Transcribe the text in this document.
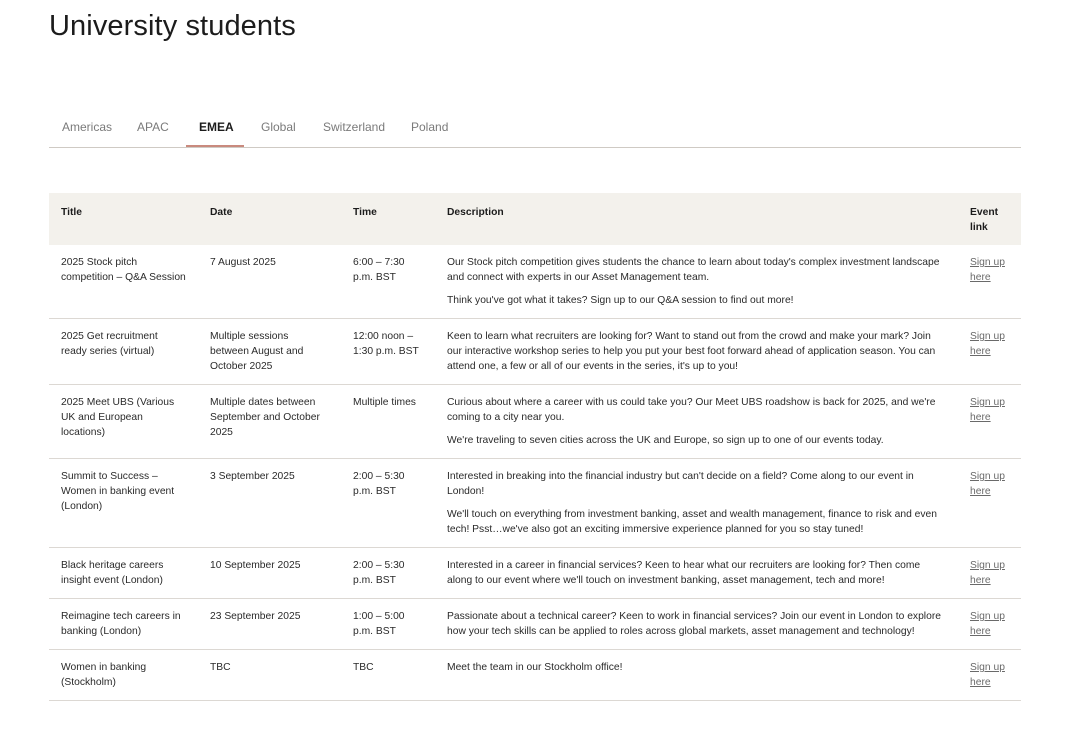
University students
Americas	APAC	EMEA	Global	Switzerland	Poland
Title	Date	Time	Description	Event
link
2025 Stock pitch competition – Q&A Session	7 August 2025	6:00 – 7:30 p.m. BST	Our Stock pitch competition gives students the chance to learn about today's complex investment landscape and connect with experts in our Asset Management team.

Think you've got what it takes? Sign up to our Q&A session to find out more!	Sign up here
2025 Get recruitment ready series (virtual)	Multiple sessions between August and October 2025	12:00 noon – 1:30 p.m. BST	Keen to learn what recruiters are looking for? Want to stand out from the crowd and make your mark? Join our interactive workshop series to help you put your best foot forward ahead of application season. You can attend one, a few or all of our events in the series, it's up to you!	Sign up here
2025 Meet UBS (Various UK and European locations)	Multiple dates between September and October 2025	Multiple times	Curious about where a career with us could take you? Our Meet UBS roadshow is back for 2025, and we're coming to a city near you.

We're traveling to seven cities across the UK and Europe, so sign up to one of our events today.	Sign up here
Summit to Success – Women in banking event (London)	3 September 2025	2:00 – 5:30 p.m. BST	Interested in breaking into the financial industry but can't decide on a field? Come along to our event in London!

We'll touch on everything from investment banking, asset and wealth management, finance to risk and even tech! Psst…we've also got an exciting immersive experience planned for you so stay tuned!	Sign up here
Black heritage careers insight event (London)	10 September 2025	2:00 – 5:30 p.m. BST	Interested in a career in financial services? Keen to hear what our recruiters are looking for? Then come along to our event where we'll touch on investment banking, asset management, tech and more!	Sign up here
Reimagine tech careers in banking (London)	23 September 2025	1:00 – 5:00 p.m. BST	Passionate about a technical career? Keen to work in financial services? Join our event in London to explore how your tech skills can be applied to roles across global markets, asset management and technology!	Sign up here
Women in banking (Stockholm)	TBC	TBC	Meet the team in our Stockholm office!	Sign up here
